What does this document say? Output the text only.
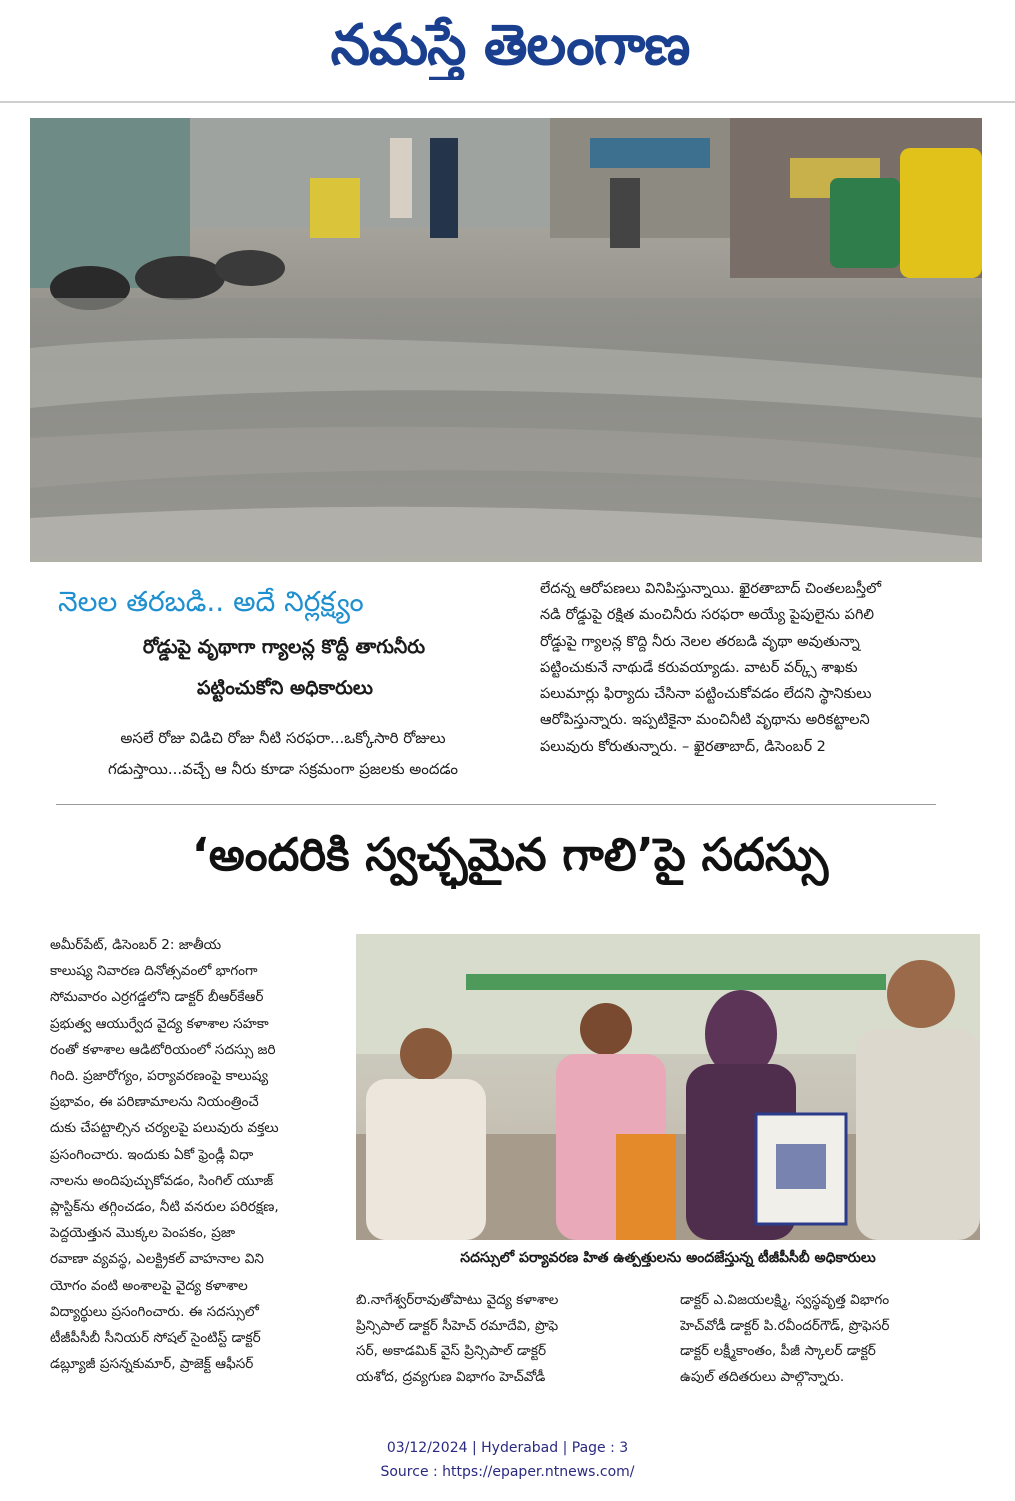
నమస్తే తెలంగాణ
నెలల తరబడి.. అదే నిర్లక్ష్యం
రోడ్డుపై వృథాగా గ్యాలన్ల కొద్దీ తాగునీరు
పట్టించుకోని అధికారులు
అసలే రోజు విడిచి రోజు నీటి సరఫరా...ఒక్కోసారి రోజులు
గడుస్తాయి...వచ్చే ఆ నీరు కూడా సక్రమంగా ప్రజలకు అందడం
లేదన్న ఆరోపణలు వినిపిస్తున్నాయి. ఖైరతాబాద్ చింతలబస్తీలో
నడి రోడ్డుపై రక్షిత మంచినీరు సరఫరా అయ్యే పైపులైను పగిలి
రోడ్డుపై గ్యాలన్ల కొద్ది నీరు నెలల తరబడి వృథా అవుతున్నా
పట్టించుకునే నాథుడే కరువయ్యాడు. వాటర్ వర్క్స్ శాఖకు
పలుమార్లు ఫిర్యాదు చేసినా పట్టించుకోవడం లేదని స్థానికులు
ఆరోపిస్తున్నారు. ఇప్పటికైనా మంచినీటి వృథాను అరికట్టాలని
పలువురు కోరుతున్నారు. – ఖైరతాబాద్, డిసెంబర్ 2
‘అందరికి స్వచ్ఛమైన గాలి’పై సదస్సు
అమీర్‌పేట్, డిసెంబర్ 2: జాతీయ
కాలుష్య నివారణ దినోత్సవంలో భాగంగా
సోమవారం ఎర్రగడ్డలోని డాక్టర్ బీఆర్‌కేఆర్
ప్రభుత్వ ఆయుర్వేద వైద్య కళాశాల సహకా
రంతో కళాశాల ఆడిటోరియంలో సదస్సు జరి
గింది. ప్రజారోగ్యం, పర్యావరణంపై కాలుష్య
ప్రభావం, ఈ పరిణామాలను నియంత్రించే
దుకు చేపట్టాల్సిన చర్యలపై పలువురు వక్తలు
ప్రసంగించారు. ఇందుకు ఏకో ఫ్రెండ్లీ విధా
నాలను అందిపుచ్చుకోవడం, సింగిల్ యూజ్
ప్లాస్టిక్‌ను తగ్గించడం, నీటి వనరుల పరిరక్షణ,
పెద్దయెత్తున మొక్కల పెంపకం, ప్రజా
రవాణా వ్యవస్థ, ఎలక్ట్రికల్ వాహనాల విని
యోగం వంటి అంశాలపై వైద్య కళాశాల
విద్యార్థులు ప్రసంగించారు. ఈ సదస్సులో
టీజీపీసీబీ సీనియర్ సోషల్ సైంటిస్ట్ డాక్టర్
డబ్ల్యూజీ ప్రసన్నకుమార్, ప్రాజెక్ట్ ఆఫీసర్
సదస్సులో పర్యావరణ హిత ఉత్పత్తులను అందజేస్తున్న టీజీపీసీబీ అధికారులు
బి.నాగేశ్వర్‌రావుతోపాటు వైద్య కళాశాల
ప్రిన్సిపాల్ డాక్టర్ సీహెచ్ రమాదేవి, ప్రొఫె
సర్, అకాడమిక్ వైస్ ప్రిన్సిపాల్ డాక్టర్
యశోద, ద్రవ్యగుణ విభాగం హెచ్‌వోడీ
డాక్టర్ ఎ.విజయలక్ష్మి, స్వస్థవృత్త విభాగం
హెచ్‌వోడీ డాక్టర్ పి.రవీందర్‌గౌడ్, ప్రొఫెసర్
డాక్టర్ లక్ష్మీకాంతం, పీజీ స్కాలర్ డాక్టర్
ఉపుల్ తదితరులు పాల్గొన్నారు.
03/12/2024 | Hyderabad | Page : 3
Source : https://epaper.ntnews.com/
